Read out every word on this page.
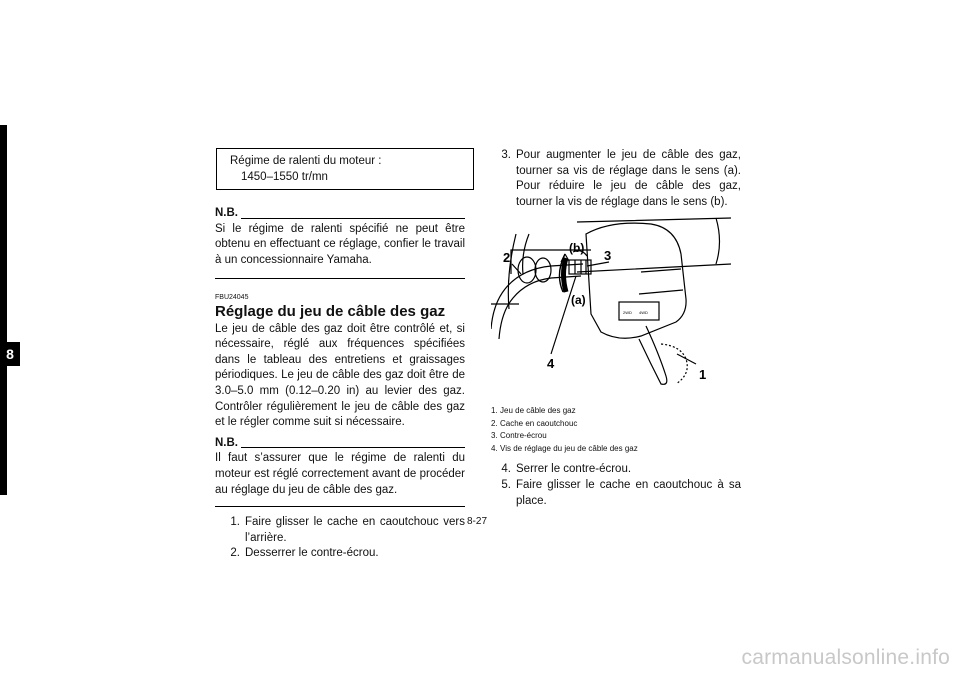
8
Régime de ralenti du moteur :
1450–1550 tr/mn
N.B.
Si le régime de ralenti spécifié ne peut être obtenu en effectuant ce réglage, confier le travail à un concessionnaire Yamaha.
FBU24045
Réglage du jeu de câble des gaz
Le jeu de câble des gaz doit être contrôlé et, si nécessaire, réglé aux fréquences spécifiées dans le tableau des entretiens et graissages périodiques. Le jeu de câble des gaz doit être de 3.0–5.0 mm (0.12–0.20 in) au levier des gaz. Contrôler régulièrement le jeu de câble des gaz et le régler comme suit si nécessaire.
N.B.
Il faut s’assurer que le régime de ralenti du moteur est réglé correctement avant de procéder au réglage du jeu de câble des gaz.
1. Faire glisser le cache en caoutchouc vers l’arrière.
2. Desserrer le contre-écrou.
3. Pour augmenter le jeu de câble des gaz, tourner sa vis de réglage dans le sens (a). Pour réduire le jeu de câble des gaz, tourner la vis de réglage dans le sens (b).
2WD 4WD
2	3
4
1
(a)
(b)
1. Jeu de câble des gaz
2. Cache en caoutchouc
3. Contre-écrou
4. Vis de réglage du jeu de câble des gaz
4. Serrer le contre-écrou.
5. Faire glisser le cache en caoutchouc à sa place.
8-27
carmanualsonline.info
